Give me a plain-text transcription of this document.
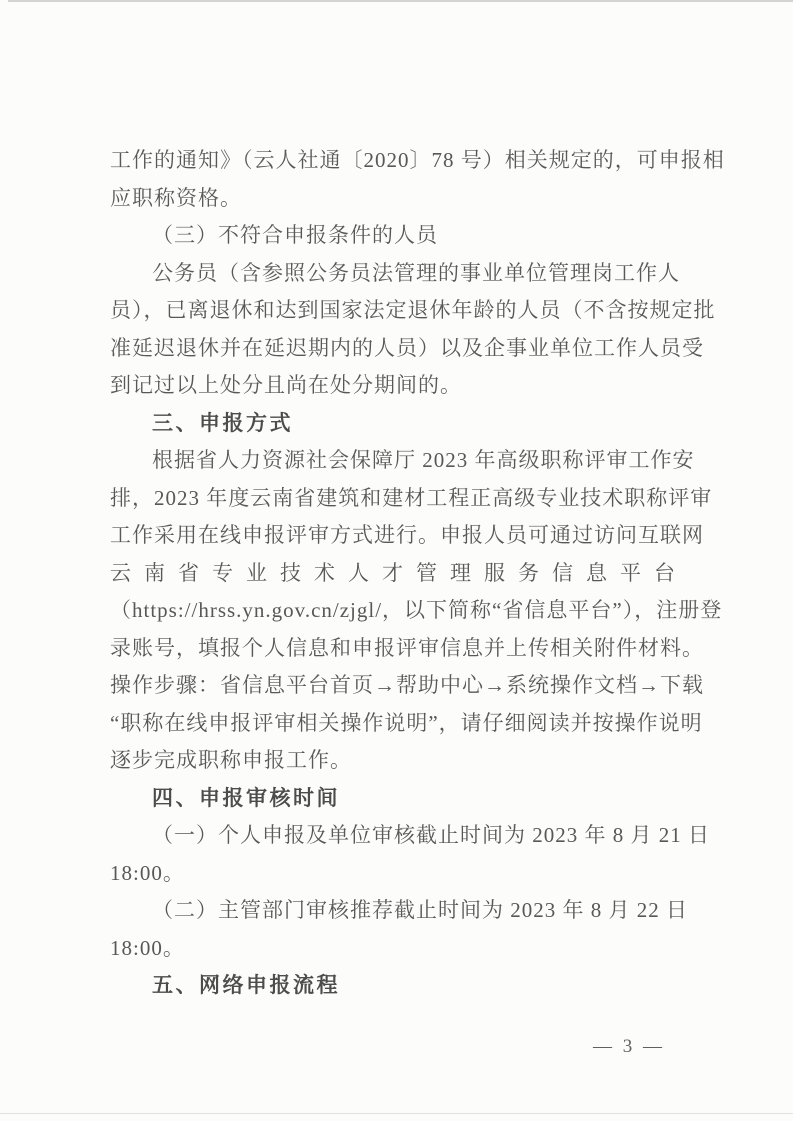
工作的通知》（云人社通〔2020〕78 号）相关规定的，可申报相
应职称资格。
（三）不符合申报条件的人员
公务员（含参照公务员法管理的事业单位管理岗工作人
员），已离退休和达到国家法定退休年龄的人员（不含按规定批
准延迟退休并在延迟期内的人员）以及企事业单位工作人员受
到记过以上处分且尚在处分期间的。
三、申报方式
根据省人力资源社会保障厅 2023 年高级职称评审工作安
排，2023 年度云南省建筑和建材工程正高级专业技术职称评审
工作采用在线申报评审方式进行。申报人员可通过访问互联网
云南省专业技术人才管理服务信息平台
（https://hrss.yn.gov.cn/zjgl/，以下简称“省信息平台”），注册登
录账号，填报个人信息和申报评审信息并上传相关附件材料。
操作步骤：省信息平台首页→帮助中心→系统操作文档→下载
“职称在线申报评审相关操作说明”，请仔细阅读并按操作说明
逐步完成职称申报工作。
四、申报审核时间
（一）个人申报及单位审核截止时间为 2023 年 8 月 21 日
18:00。
（二）主管部门审核推荐截止时间为 2023 年 8 月 22 日
18:00。
五、网络申报流程
— 3 —
